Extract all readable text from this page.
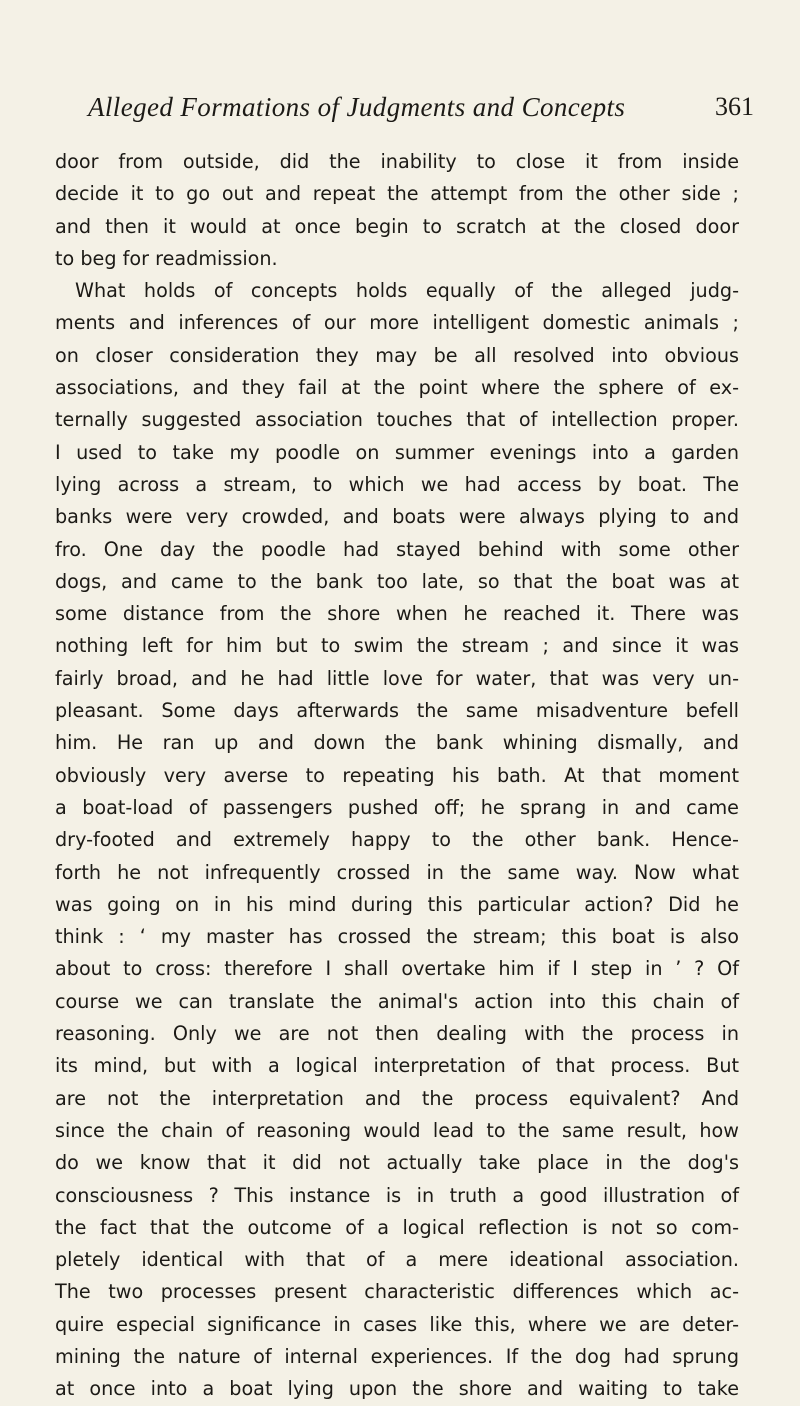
Alleged Formations of Judgments and Concepts	361
door from outside, did the inability to close it from inside
decide it to go out and repeat the attempt from the other side ;
and then it would at once begin to scratch at the closed door
to beg for readmission.
What holds of concepts holds equally of the alleged judg-
ments and inferences of our more intelligent domestic animals ;
on closer consideration they may be all resolved into obvious
associations, and they fail at the point where the sphere of ex-
ternally suggested association touches that of intellection proper.
I used to take my poodle on summer evenings into a garden
lying across a stream, to which we had access by boat. The
banks were very crowded, and boats were always plying to and
fro. One day the poodle had stayed behind with some other
dogs, and came to the bank too late, so that the boat was at
some distance from the shore when he reached it. There was
nothing left for him but to swim the stream ; and since it was
fairly broad, and he had little love for water, that was very un-
pleasant. Some days afterwards the same misadventure befell
him. He ran up and down the bank whining dismally, and
obviously very averse to repeating his bath. At that moment
a boat-load of passengers pushed off; he sprang in and came
dry-footed and extremely happy to the other bank. Hence-
forth he not infrequently crossed in the same way. Now what
was going on in his mind during this particular action? Did he
think : ‘ my master has crossed the stream; this boat is also
about to cross: therefore I shall overtake him if I step in ’ ? Of
course we can translate the animal's action into this chain of
reasoning. Only we are not then dealing with the process in
its mind, but with a logical interpretation of that process. But
are not the interpretation and the process equivalent? And
since the chain of reasoning would lead to the same result, how
do we know that it did not actually take place in the dog's
consciousness ? This instance is in truth a good illustration of
the fact that the outcome of a logical reflection is not so com-
pletely identical with that of a mere ideational association.
The two processes present characteristic differences which ac-
quire especial significance in cases like this, where we are deter-
mining the nature of internal experiences. If the dog had sprung
at once into a boat lying upon the shore and waiting to take
